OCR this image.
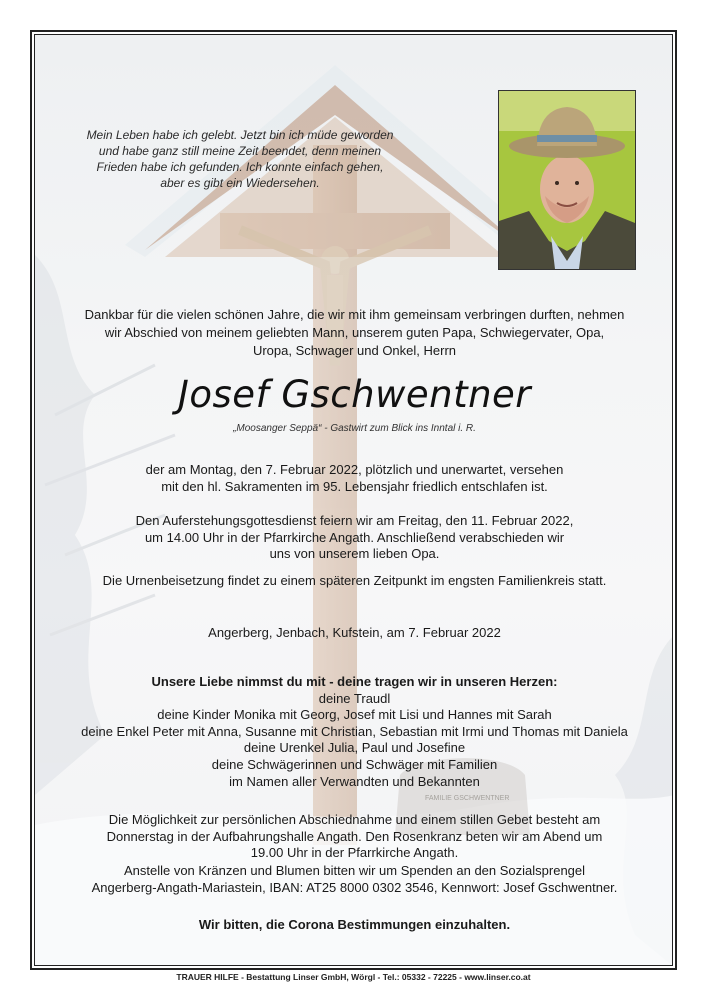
FAMILIE GSCHWENTNER
Mein Leben habe ich gelebt. Jetzt bin ich müde geworden
und habe ganz still meine Zeit beendet, denn meinen
Frieden habe ich gefunden. Ich konnte einfach gehen,
aber es gibt ein Wiedersehen.
Dankbar für die vielen schönen Jahre, die wir mit ihm gemeinsam verbringen durften, nehmen
wir Abschied von meinem geliebten Mann, unserem guten Papa, Schwiegervater, Opa,
Uropa, Schwager und Onkel, Herrn
Josef Gschwentner
„Moosanger Seppä“ - Gastwirt zum Blick ins Inntal i. R.
der am Montag, den 7. Februar 2022, plötzlich und unerwartet, versehen
mit den hl. Sakramenten im 95. Lebensjahr friedlich entschlafen ist.
Den Auferstehungsgottesdienst feiern wir am Freitag, den 11. Februar 2022,
um 14.00 Uhr in der Pfarrkirche Angath. Anschließend verabschieden wir
uns von unserem lieben Opa.
Die Urnenbeisetzung findet zu einem späteren Zeitpunkt im engsten Familienkreis statt.
Angerberg, Jenbach, Kufstein, am 7. Februar 2022
Unsere Liebe nimmst du mit - deine tragen wir in unseren Herzen:
deine Traudl
deine Kinder Monika mit Georg, Josef mit Lisi und Hannes mit Sarah
deine Enkel Peter mit Anna, Susanne mit Christian, Sebastian mit Irmi und Thomas mit Daniela
deine Urenkel Julia, Paul und Josefine
deine Schwägerinnen und Schwäger mit Familien
im Namen aller Verwandten und Bekannten
Die Möglichkeit zur persönlichen Abschiednahme und einem stillen Gebet besteht am
Donnerstag in der Aufbahrungshalle Angath. Den Rosenkranz beten wir am Abend um
19.00 Uhr in der Pfarrkirche Angath.
Anstelle von Kränzen und Blumen bitten wir um Spenden an den Sozialsprengel
Angerberg-Angath-Mariastein, IBAN: AT25 8000 0302 3546, Kennwort: Josef Gschwentner.
Wir bitten, die Corona Bestimmungen einzuhalten.
TRAUER HILFE - Bestattung Linser GmbH, Wörgl - Tel.: 05332 - 72225 - www.linser.co.at
